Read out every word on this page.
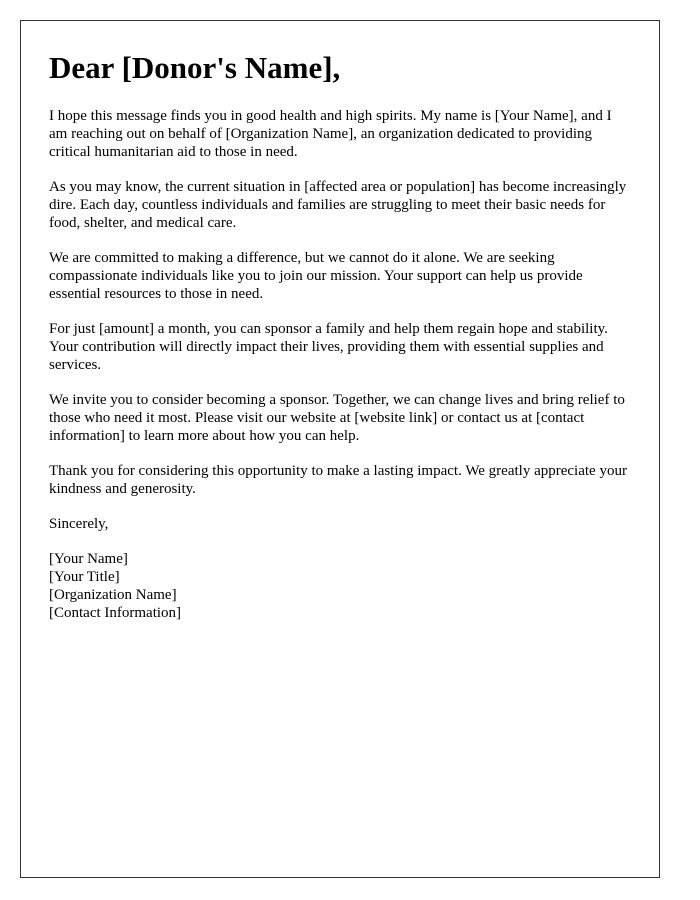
Dear [Donor's Name],

I hope this message finds you in good health and high spirits. My name is [Your Name], and I am reaching out on behalf of [Organization Name], an organization dedicated to providing critical humanitarian aid to those in need.

As you may know, the current situation in [affected area or population] has become increasingly dire. Each day, countless individuals and families are struggling to meet their basic needs for food, shelter, and medical care.

We are committed to making a difference, but we cannot do it alone. We are seeking compassionate individuals like you to join our mission. Your support can help us provide essential resources to those in need.

For just [amount] a month, you can sponsor a family and help them regain hope and stability. Your contribution will directly impact their lives, providing them with essential supplies and services.

We invite you to consider becoming a sponsor. Together, we can change lives and bring relief to those who need it most. Please visit our website at [website link] or contact us at [contact information] to learn more about how you can help.

Thank you for considering this opportunity to make a lasting impact. We greatly appreciate your kindness and generosity.

Sincerely,

[Your Name]
[Your Title]
[Organization Name]
[Contact Information]
